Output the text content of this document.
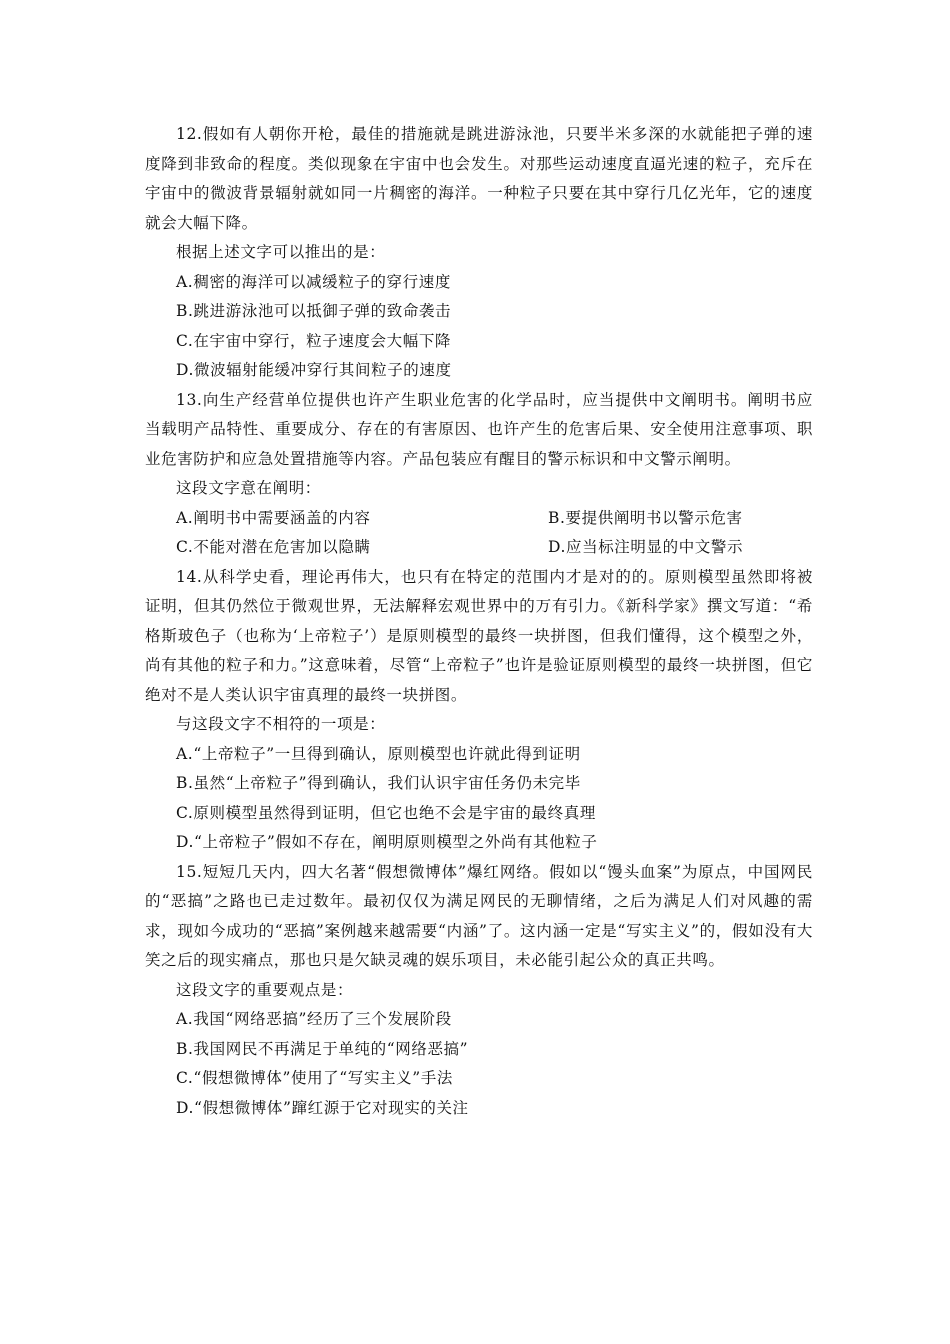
12.假如有人朝你开枪，最佳的措施就是跳进游泳池，只要半米多深的水就能把子弹的速度降到非致命的程度。类似现象在宇宙中也会发生。对那些运动速度直逼光速的粒子，充斥在宇宙中的微波背景辐射就如同一片稠密的海洋。一种粒子只要在其中穿行几亿光年，它的速度就会大幅下降。

根据上述文字可以推出的是：

A.稠密的海洋可以减缓粒子的穿行速度

B.跳进游泳池可以抵御子弹的致命袭击

C.在宇宙中穿行，粒子速度会大幅下降

D.微波辐射能缓冲穿行其间粒子的速度

13.向生产经营单位提供也许产生职业危害的化学品时，应当提供中文阐明书。阐明书应当载明产品特性、重要成分、存在的有害原因、也许产生的危害后果、安全使用注意事项、职业危害防护和应急处置措施等内容。产品包装应有醒目的警示标识和中文警示阐明。

这段文字意在阐明：

A.阐明书中需要涵盖的内容	B.要提供阐明书以警示危害
C.不能对潜在危害加以隐瞒	D.应当标注明显的中文警示

14.从科学史看，理论再伟大，也只有在特定的范围内才是对的的。原则模型虽然即将被证明，但其仍然位于微观世界，无法解释宏观世界中的万有引力。《新科学家》撰文写道：“希格斯玻色子（也称为‘上帝粒子’）是原则模型的最终一块拼图，但我们懂得，这个模型之外，尚有其他的粒子和力。”这意味着，尽管“上帝粒子”也许是验证原则模型的最终一块拼图，但它绝对不是人类认识宇宙真理的最终一块拼图。

与这段文字不相符的一项是：

A.“上帝粒子”一旦得到确认，原则模型也许就此得到证明

B.虽然“上帝粒子”得到确认，我们认识宇宙任务仍未完毕

C.原则模型虽然得到证明，但它也绝不会是宇宙的最终真理

D.“上帝粒子”假如不存在，阐明原则模型之外尚有其他粒子

15.短短几天内，四大名著“假想微博体”爆红网络。假如以“馒头血案”为原点，中国网民的“恶搞”之路也已走过数年。最初仅仅为满足网民的无聊情绪，之后为满足人们对风趣的需求，现如今成功的“恶搞”案例越来越需要“内涵”了。这内涵一定是“写实主义”的，假如没有大笑之后的现实痛点，那也只是欠缺灵魂的娱乐项目，未必能引起公众的真正共鸣。

这段文字的重要观点是：

A.我国“网络恶搞”经历了三个发展阶段

B.我国网民不再满足于单纯的“网络恶搞”

C.“假想微博体”使用了“写实主义”手法

D.“假想微博体”蹿红源于它对现实的关注
